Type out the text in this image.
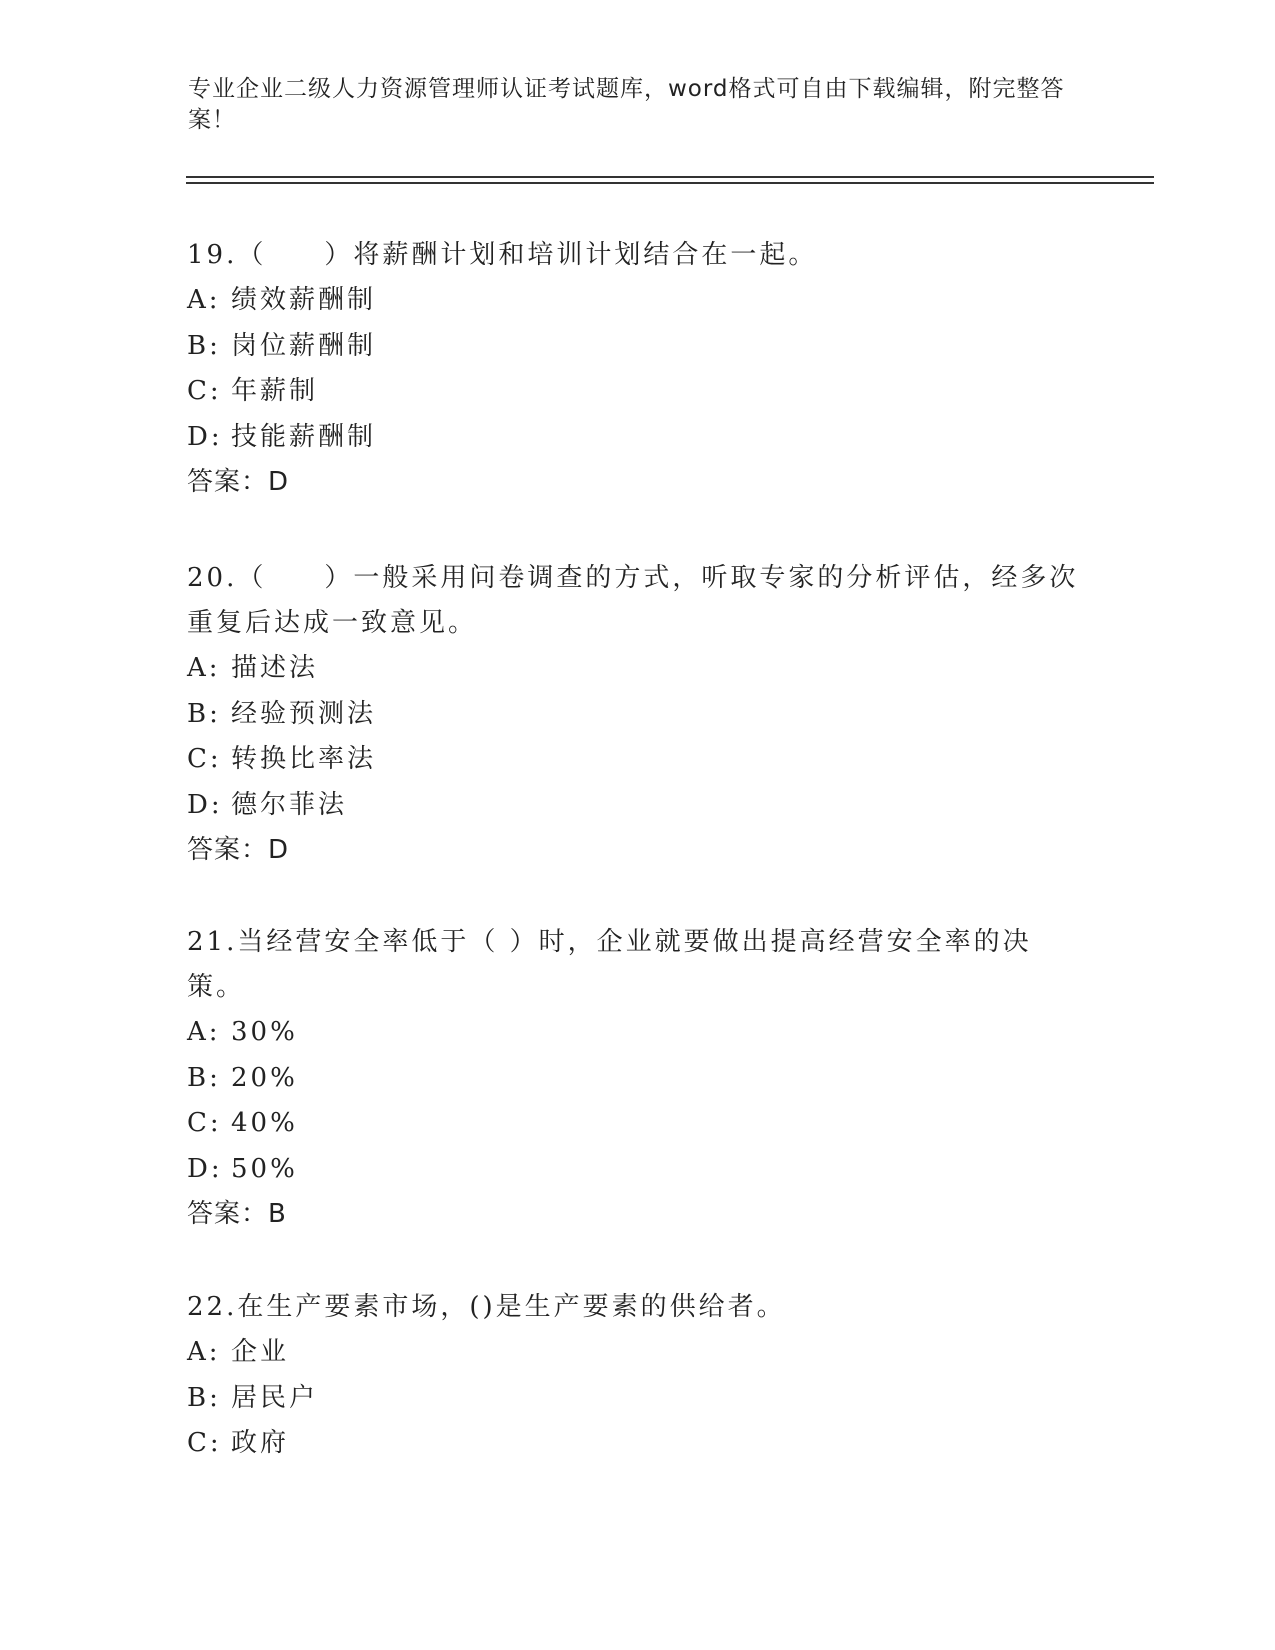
专业企业二级人力资源管理师认证考试题库，word格式可自由下载编辑，附完整答案！

19.（　　）将薪酬计划和培训计划结合在一起。

A: 绩效薪酬制

B: 岗位薪酬制

C: 年薪制

D: 技能薪酬制

答案：D

20.（　　）一般采用问卷调查的方式，听取专家的分析评估，经多次重复后达成一致意见。

A: 描述法

B: 经验预测法

C: 转换比率法

D: 德尔菲法

答案：D

21.当经营安全率低于（ ）时，企业就要做出提高经营安全率的决策。

A: 30%

B: 20%

C: 40%

D: 50%

答案：B

22.在生产要素市场，()是生产要素的供给者。

A: 企业

B: 居民户

C: 政府
